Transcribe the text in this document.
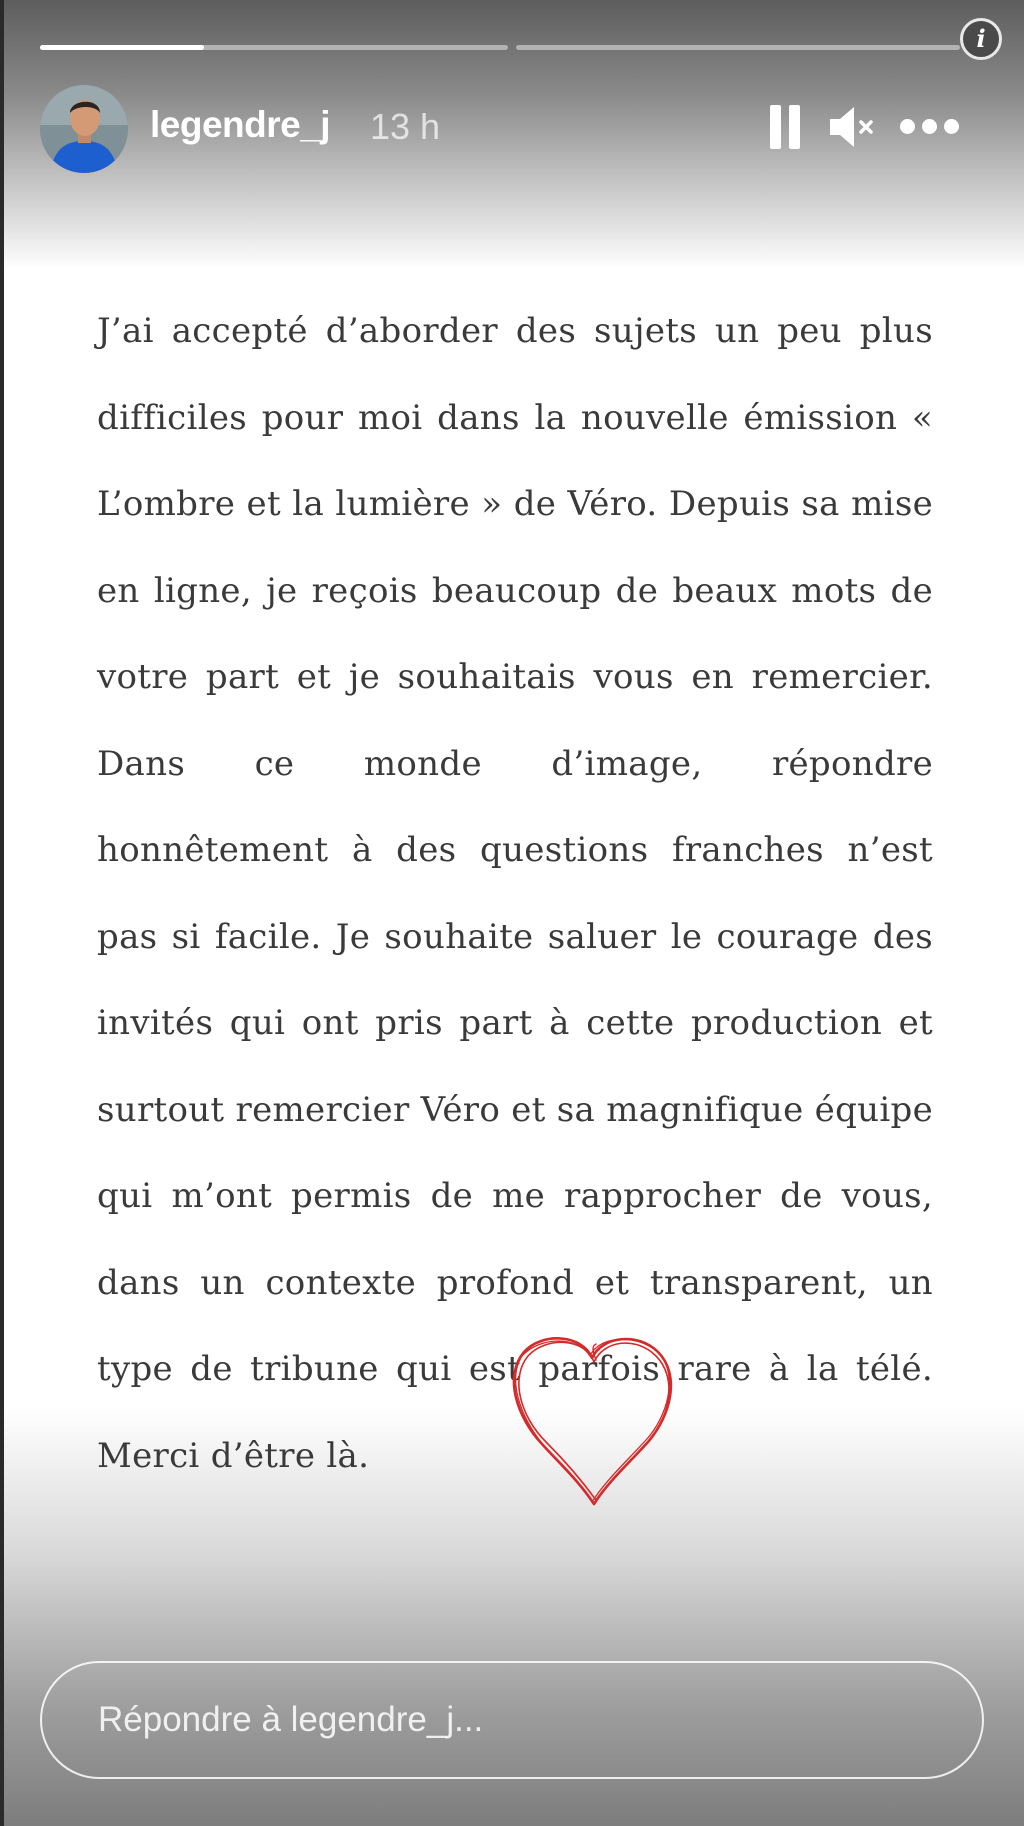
i
legendre_j 13 h

J’ai accepté d’aborder des sujets un peu plus difficiles pour moi dans la nouvelle émission « L’ombre et la lumière » de Véro. Depuis sa mise en ligne, je reçois beaucoup de beaux mots de votre part et je souhaitais vous en remercier. Dans ce monde d’image, répondre honnêtement à des questions franches n’est pas si facile. Je souhaite saluer le courage des invités qui ont pris part à cette production et surtout remercier Véro et sa magnifique équipe qui m’ont permis de me rapprocher de vous, dans un contexte profond et transparent, un type de tribune qui est parfois rare à la télé. Merci d’être là.

Répondre à legendre_j...
